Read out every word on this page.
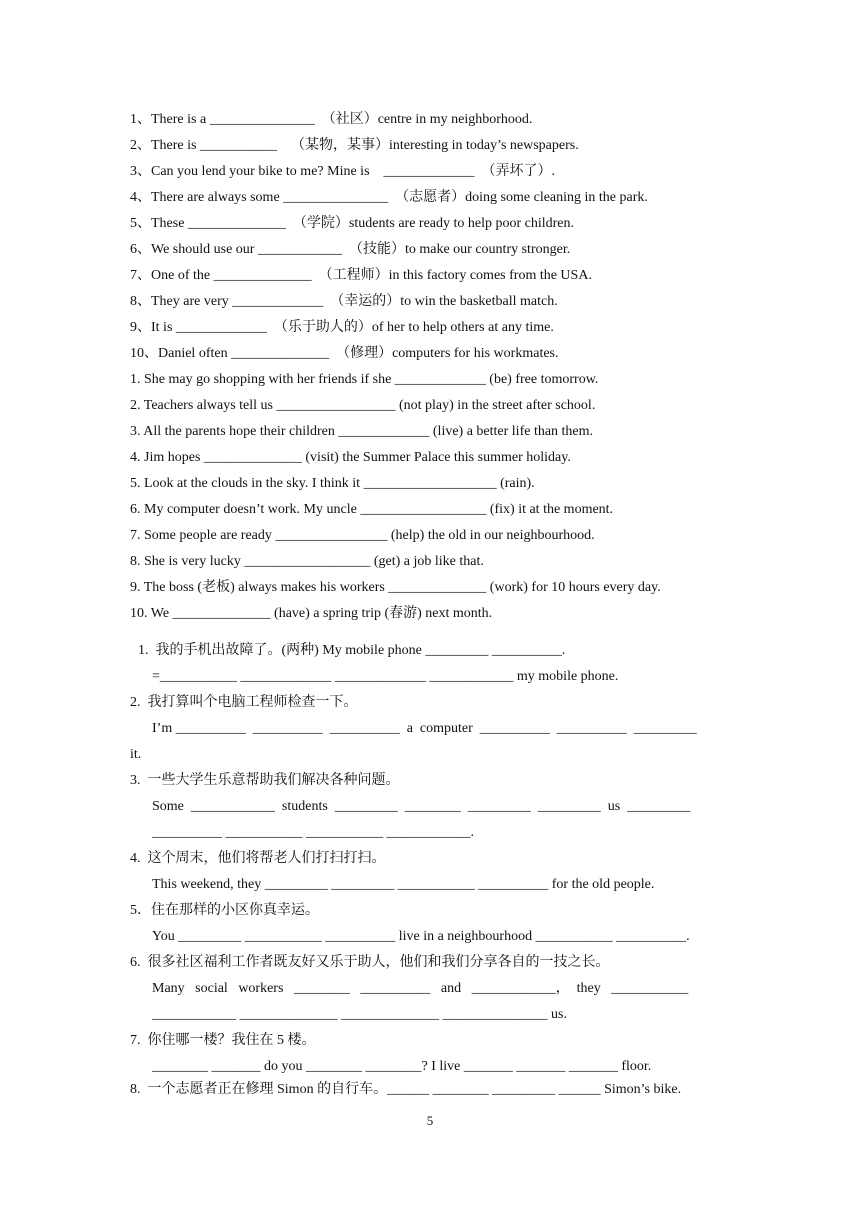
1、There is a _______________  （社区）centre in my neighborhood.
2、There is ___________    （某物，某事）interesting in today’s newspapers.
3、Can you lend your bike to me? Mine is    _____________  （弄坏了）.
4、There are always some _______________  （志愿者）doing some cleaning in the park.
5、These ______________  （学院）students are ready to help poor children.
6、We should use our ____________  （技能）to make our country stronger.
7、One of the ______________  （工程师）in this factory comes from the USA.
8、They are very _____________  （幸运的）to win the basketball match.
9、It is _____________  （乐于助人的）of her to help others at any time.
10、Daniel often ______________  （修理）computers for his workmates.
1. She may go shopping with her friends if she _____________ (be) free tomorrow.
2. Teachers always tell us _________________ (not play) in the street after school.
3. All the parents hope their children _____________ (live) a better life than them.
4. Jim hopes ______________ (visit) the Summer Palace this summer holiday.
5. Look at the clouds in the sky. I think it ___________________ (rain).
6. My computer doesn’t work. My uncle __________________ (fix) it at the moment.
7. Some people are ready ________________ (help) the old in our neighbourhood.
8. She is very lucky __________________ (get) a job like that.
9. The boss (老板) always makes his workers ______________ (work) for 10 hours every day.
10. We ______________ (have) a spring trip (春游) next month.
1.  我的手机出故障了。(两种) My mobile phone _________ __________.
=___________ _____________ _____________ ____________ my mobile phone.
2.  我打算叫个电脑工程师检查一下。
I’m __________  __________  __________  a  computer  __________  __________  _________
it.
3.  一些大学生乐意帮助我们解决各种问题。
Some  ____________  students  _________  ________  _________  _________  us  _________
__________ ___________ ___________ ____________.
4.  这个周末，他们将帮老人们打扫打扫。
This weekend, they _________ _________ ___________ __________ for the old people.
5．住在那样的小区你真幸运。
You _________ ___________ __________ live in a neighbourhood ___________ __________.
6.  很多社区福利工作者既友好又乐于助人，他们和我们分享各自的一技之长。
Many   social   workers   ________   __________   and   ____________，  they   ___________
____________ ______________ ______________ _______________ us.
7.  你住哪一楼？我住在 5 楼。
________ _______ do you ________ ________? I live _______ _______ _______ floor.
8.  一个志愿者正在修理 Simon 的自行车。______ ________ _________ ______ Simon’s bike.
5
